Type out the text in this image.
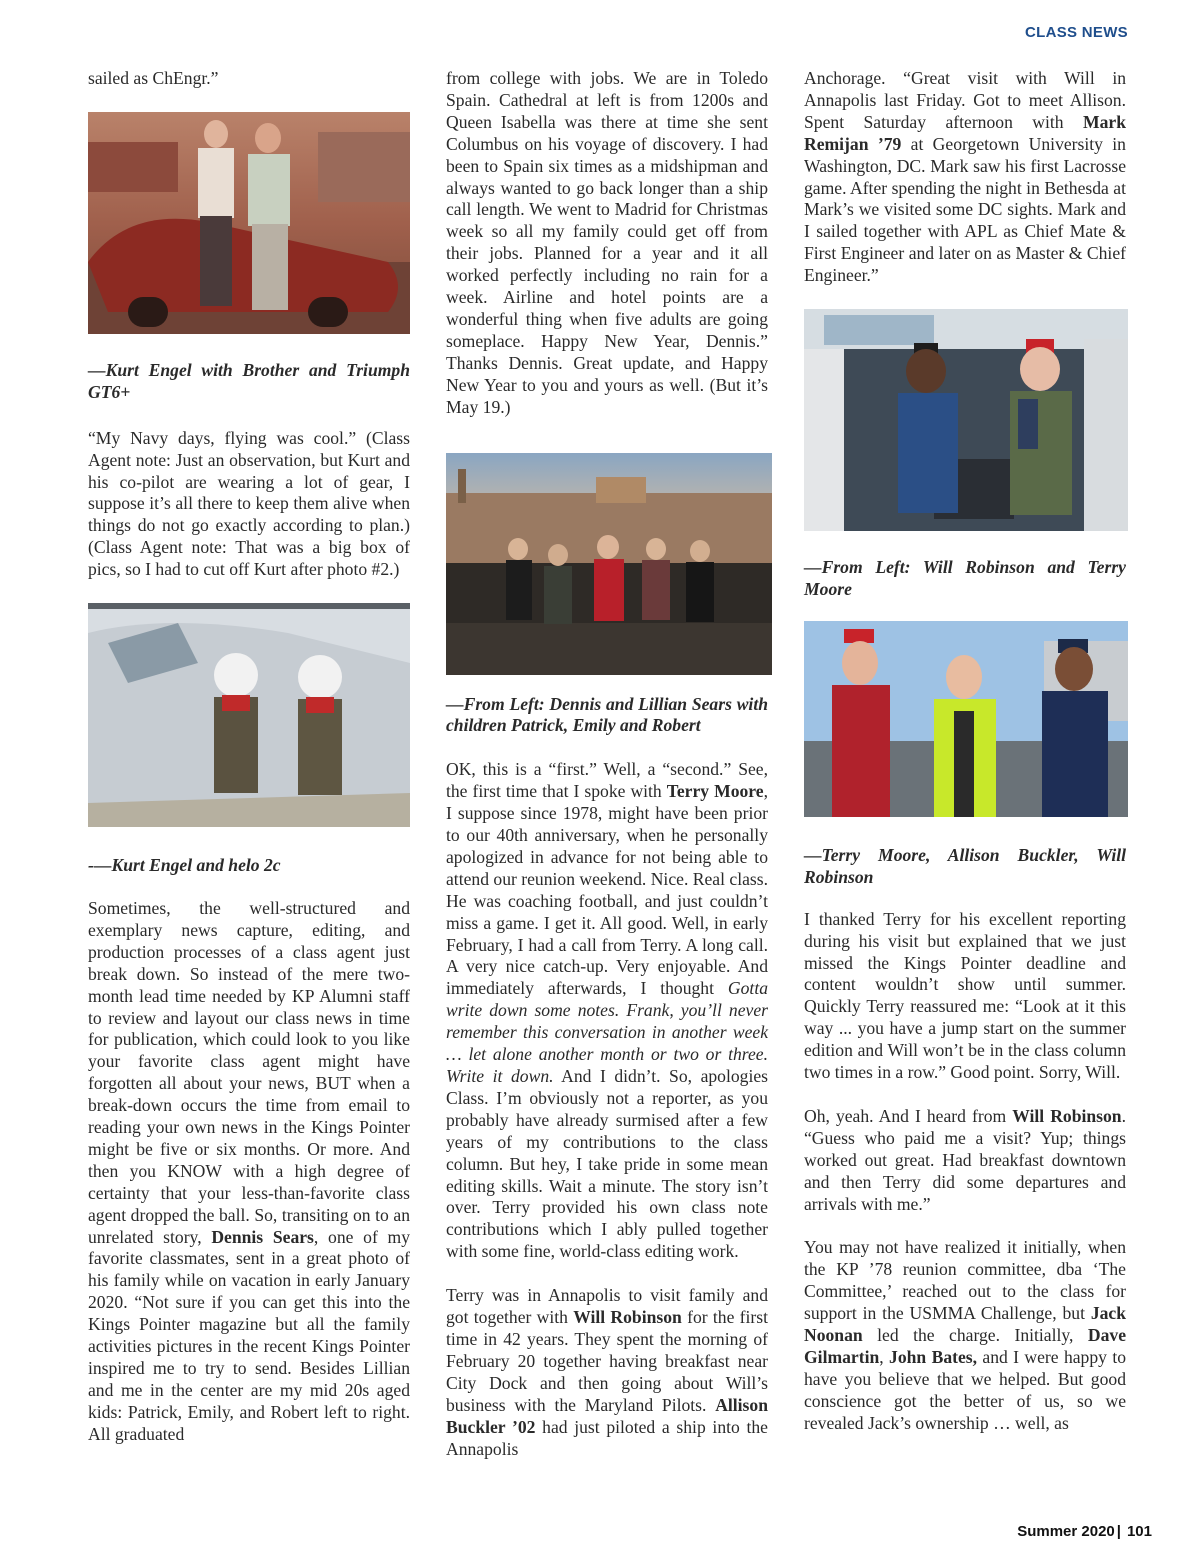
CLASS NEWS

sailed as ChEngr.”

—Kurt Engel with Brother and Triumph GT6+

“My Navy days, flying was cool.” (Class Agent note: Just an observation, but Kurt and his co-pilot are wearing a lot of gear, I suppose it’s all there to keep them alive when things do not go exactly according to plan.) (Class Agent note: That was a big box of pics, so I had to cut off Kurt after photo #2.)

-—Kurt Engel and helo 2c

Sometimes, the well-structured and exemplary news capture, editing, and production processes of a class agent just break down. So instead of the mere two-month lead time needed by KP Alumni staff to review and layout our class news in time for publication, which could look to you like your favorite class agent might have forgotten all about your news, BUT when a break-down occurs the time from email to reading your own news in the Kings Pointer might be five or six months. Or more. And then you KNOW with a high degree of certainty that your less-than-favorite class agent dropped the ball. So, transiting on to an unrelated story, Dennis Sears, one of my favorite classmates, sent in a great photo of his family while on vacation in early January 2020. “Not sure if you can get this into the Kings Pointer magazine but all the family activities pictures in the recent Kings Pointer inspired me to try to send. Besides Lillian and me in the center are my mid 20s aged kids: Patrick, Emily, and Robert left to right. All graduated

from college with jobs. We are in Toledo Spain. Cathedral at left is from 1200s and Queen Isabella was there at time she sent Columbus on his voyage of discovery. I had been to Spain six times as a midshipman and always wanted to go back longer than a ship call length. We went to Madrid for Christmas week so all my family could get off from their jobs. Planned for a year and it all worked perfectly including no rain for a week. Airline and hotel points are a wonderful thing when five adults are going someplace. Happy New Year, Dennis.” Thanks Dennis. Great update, and Happy New Year to you and yours as well. (But it’s May 19.)

—From Left: Dennis and Lillian Sears with children Patrick, Emily and Robert

OK, this is a “first.” Well, a “second.” See, the first time that I spoke with Terry Moore, I suppose since 1978, might have been prior to our 40th anniversary, when he personally apologized in advance for not being able to attend our reunion weekend. Nice. Real class. He was coaching football, and just couldn’t miss a game. I get it. All good. Well, in early February, I had a call from Terry. A long call. A very nice catch-up. Very enjoyable. And immediately afterwards, I thought Gotta write down some notes. Frank, you’ll never remember this conversation in another week … let alone another month or two or three. Write it down. And I didn’t. So, apologies Class. I’m obviously not a reporter, as you probably have already surmised after a few years of my contributions to the class column. But hey, I take pride in some mean editing skills. Wait a minute. The story isn’t over. Terry provided his own class note contributions which I ably pulled together with some fine, world-class editing work.

Terry was in Annapolis to visit family and got together with Will Robinson for the first time in 42 years. They spent the morning of February 20 together having breakfast near City Dock and then going about Will’s business with the Maryland Pilots. Allison Buckler ’02 had just piloted a ship into the Annapolis

Anchorage. “Great visit with Will in Annapolis last Friday. Got to meet Allison. Spent Saturday afternoon with Mark Remijan ’79 at Georgetown University in Washington, DC. Mark saw his first Lacrosse game. After spending the night in Bethesda at Mark’s we visited some DC sights. Mark and I sailed together with APL as Chief Mate & First Engineer and later on as Master & Chief Engineer.”

—From Left: Will Robinson and Terry Moore

—Terry Moore, Allison Buckler, Will Robinson

I thanked Terry for his excellent reporting during his visit but explained that we just missed the Kings Pointer deadline and content wouldn’t show until summer. Quickly Terry reassured me: “Look at it this way ... you have a jump start on the summer edition and Will won’t be in the class column two times in a row.” Good point. Sorry, Will.

Oh, yeah. And I heard from Will Robinson. “Guess who paid me a visit? Yup; things worked out great. Had breakfast downtown and then Terry did some departures and arrivals with me.”

You may not have realized it initially, when the KP ’78 reunion committee, dba ‘The Committee,’ reached out to the class for support in the USMMA Challenge, but Jack Noonan led the charge. Initially, Dave Gilmartin, John Bates, and I were happy to have you believe that we helped. But good conscience got the better of us, so we revealed Jack’s ownership … well, as

Summer 2020 | 101
